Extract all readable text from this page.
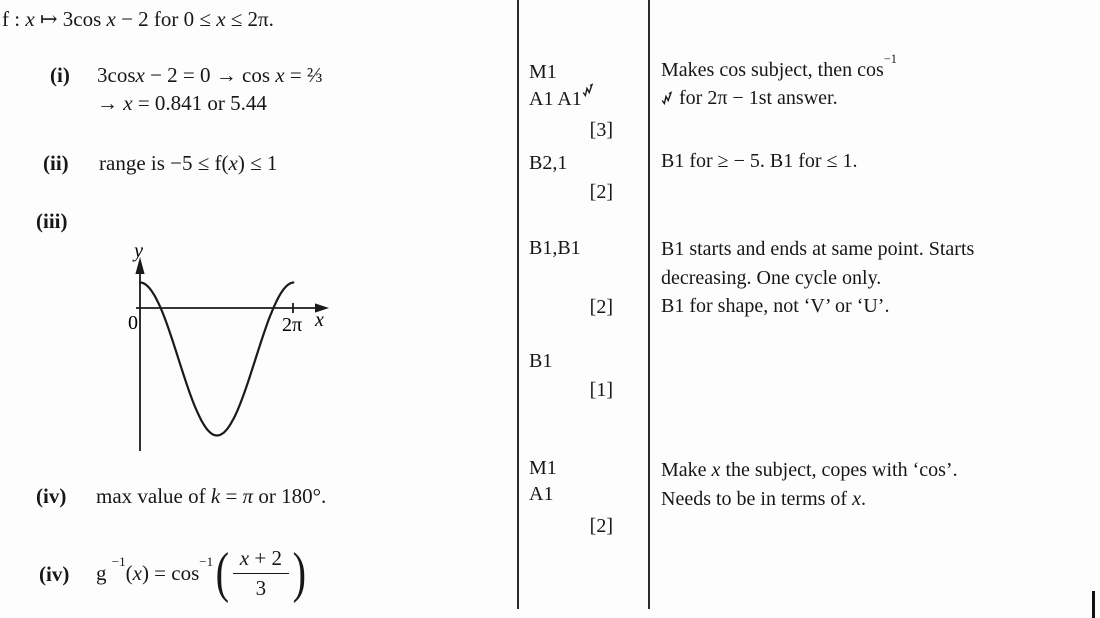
f : x ↦ 3cos x − 2 for 0 ≤ x ≤ 2π.
(i) 3cosx − 2 = 0 → cos x = ⅔
→ x = 0.841 or 5.44
(ii) range is −5 ≤ f(x) ≤ 1
(iii)
y
0	2π x
(iv) max value of k = π or 180°.
(iv) g $^{-1}(x) = \cos^{-1}$ ( $\frac{x + 2}{3}$ )
M1
A1 A1
[3]
B2,1
[2]
B1,B1
[2]
B1
[1]
M1
A1
[2]
Makes cos subject, then $\cos^{-1}$
for 2π − 1st answer.
B1 for ≥ − 5. B1 for ≤ 1.
B1 starts and ends at same point. Starts
decreasing. One cycle only.
B1 for shape, not ‘V’ or ‘U’.
Make x the subject, copes with ‘cos’.
Needs to be in terms of x.
